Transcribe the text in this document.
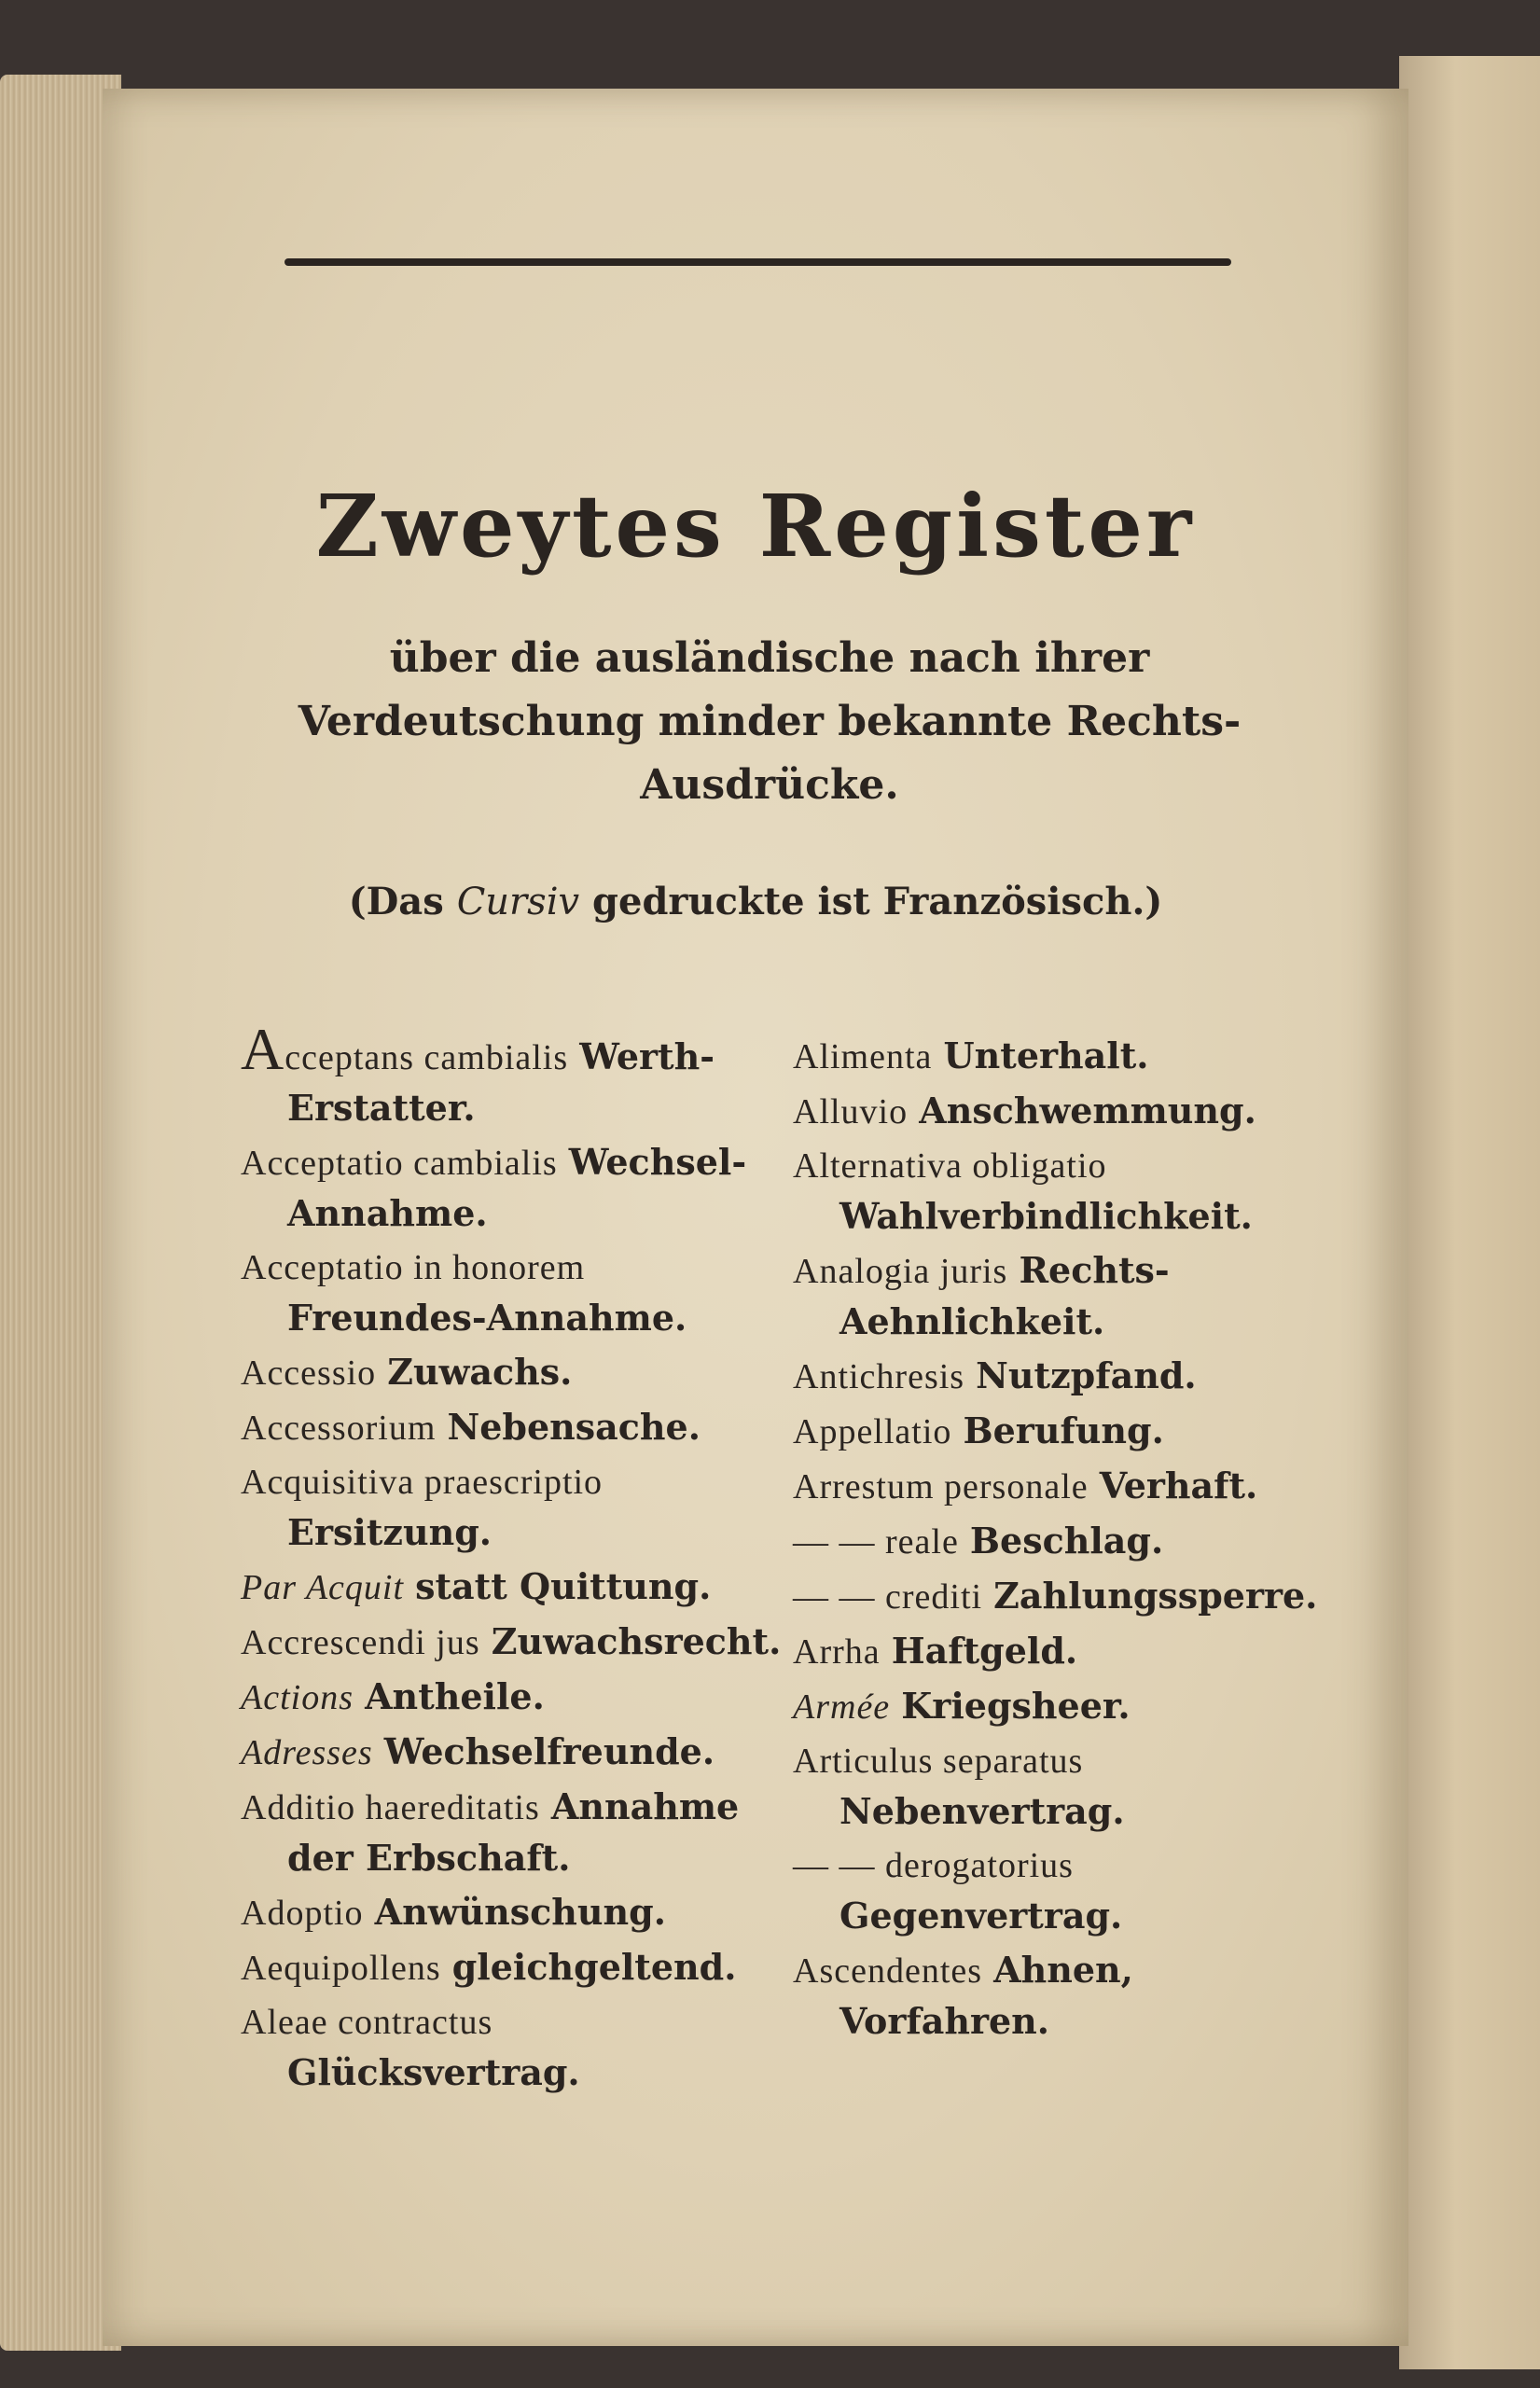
Zweytes Register

über die ausländische nach ihrer Verdeutschung minder bekannte Rechts-Ausdrücke.

(Das Cursiv gedruckte ist Französisch.)

Acceptans cambialis Werth-Erstatter.

Acceptatio cambialis Wechsel-Annahme.

Acceptatio in honorem Freundes-Annahme.

Accessio Zuwachs.

Accessorium Nebensache.

Acquisitiva praescriptio Ersitzung.

Par Acquit statt Quittung.

Accrescendi jus Zuwachsrecht.

Actions Antheile.

Adresses Wechselfreunde.

Additio haereditatis Annahme der Erbschaft.

Adoptio Anwünschung.

Aequipollens gleichgeltend.

Aleae contractus Glücksvertrag.

Alimenta Unterhalt.

Alluvio Anschwemmung.

Alternativa obligatio Wahlverbindlichkeit.

Analogia juris Rechts-Aehnlichkeit.

Antichresis Nutzpfand.

Appellatio Berufung.

Arrestum personale Verhaft.

— — reale Beschlag.

— — crediti Zahlungssperre.

Arrha Haftgeld.

Armée Kriegsheer.

Articulus separatus Nebenvertrag.

— — derogatorius Gegenvertrag.

Ascendentes Ahnen, Vorfahren.
